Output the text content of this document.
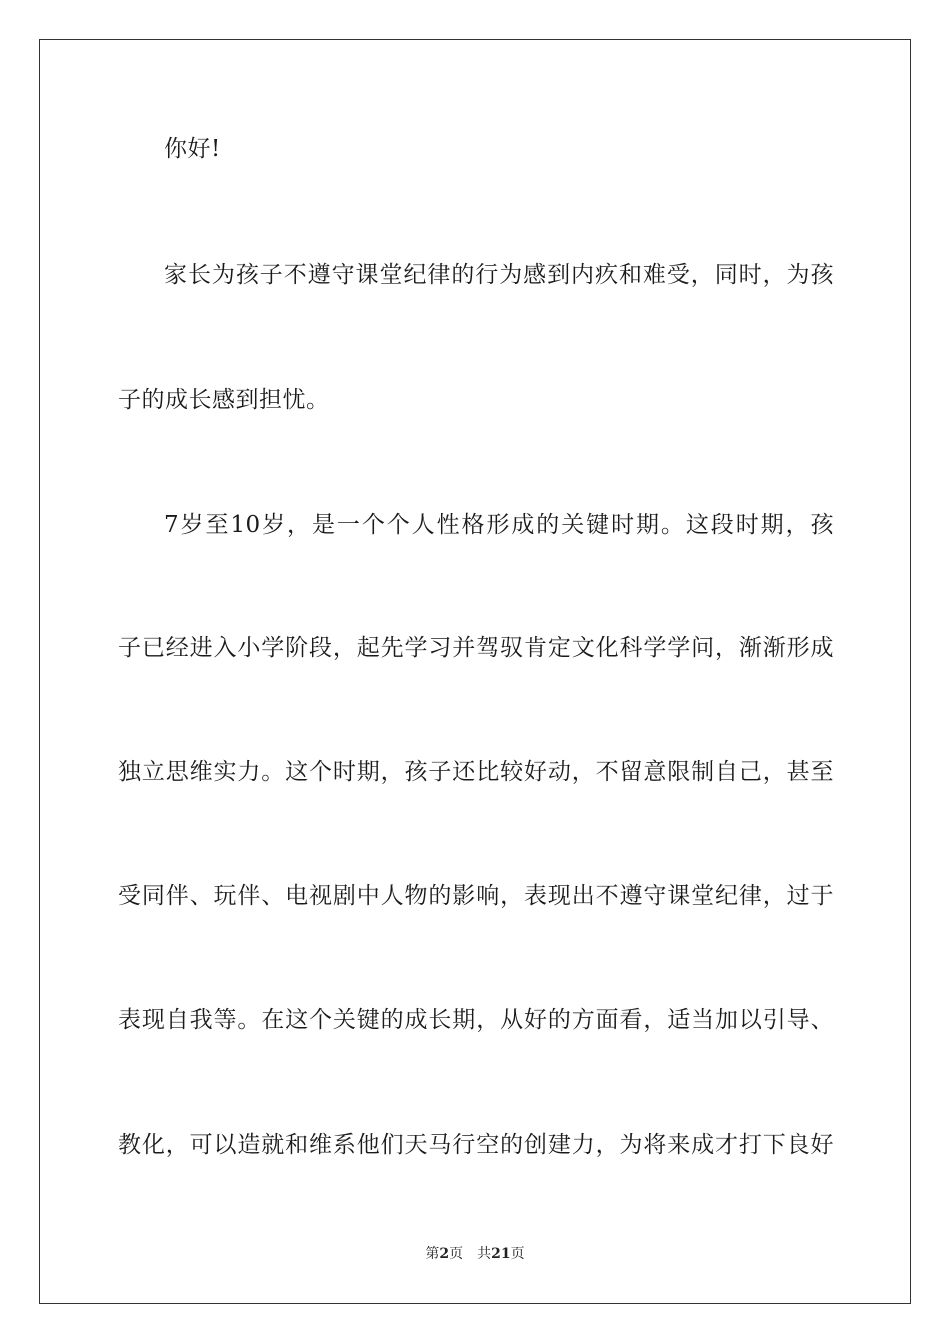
你好!
家长为孩子不遵守课堂纪律的行为感到内疚和难受，同时，为孩
子的成长感到担忧。
7岁至10岁，是一个个人性格形成的关键时期。这段时期，孩
子已经进入小学阶段，起先学习并驾驭肯定文化科学学问，渐渐形成
独立思维实力。这个时期，孩子还比较好动，不留意限制自己，甚至
受同伴、玩伴、电视剧中人物的影响，表现出不遵守课堂纪律，过于
表现自我等。在这个关键的成长期，从好的方面看，适当加以引导、
教化，可以造就和维系他们天马行空的创建力，为将来成才打下良好
第2页 共21页
